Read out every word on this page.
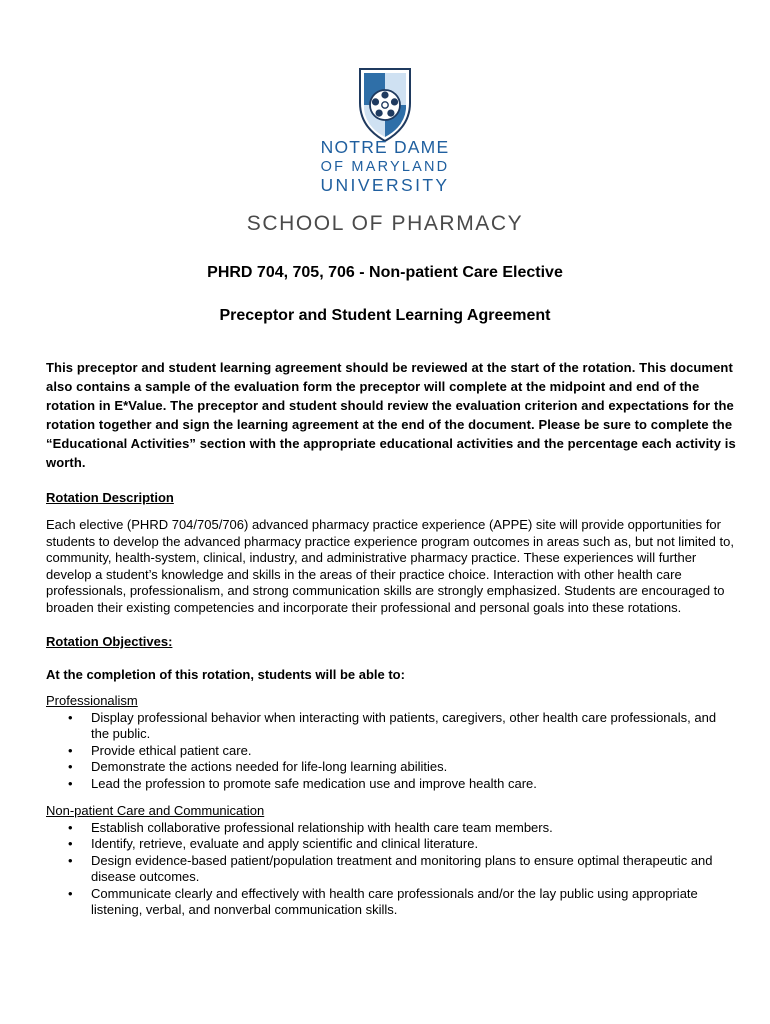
NOTRE DAME
OF MARYLAND
UNIVERSITY
SCHOOL OF PHARMACY
PHRD 704, 705, 706 - Non-patient Care Elective
Preceptor and Student Learning Agreement

This preceptor and student learning agreement should be reviewed at the start of the rotation. This document also contains a sample of the evaluation form the preceptor will complete at the midpoint and end of the rotation in E*Value. The preceptor and student should review the evaluation criterion and expectations for the rotation together and sign the learning agreement at the end of the document. Please be sure to complete the “Educational Activities” section with the appropriate educational activities and the percentage each activity is worth.

Rotation Description

Each elective (PHRD 704/705/706) advanced pharmacy practice experience (APPE) site will provide opportunities for students to develop the advanced pharmacy practice experience program outcomes in areas such as, but not limited to, community, health-system, clinical, industry, and administrative pharmacy practice. These experiences will further develop a student’s knowledge and skills in the areas of their practice choice. Interaction with other health care professionals, professionalism, and strong communication skills are strongly emphasized. Students are encouraged to broaden their existing competencies and incorporate their professional and personal goals into these rotations.

Rotation Objectives:

At the completion of this rotation, students will be able to:

Professionalism

• Display professional behavior when interacting with patients, caregivers, other health care professionals, and the public.
• Provide ethical patient care.
• Demonstrate the actions needed for life-long learning abilities.
• Lead the profession to promote safe medication use and improve health care.

Non-patient Care and Communication

• Establish collaborative professional relationship with health care team members.
• Identify, retrieve, evaluate and apply scientific and clinical literature.
• Design evidence-based patient/population treatment and monitoring plans to ensure optimal therapeutic and disease outcomes.
• Communicate clearly and effectively with health care professionals and/or the lay public using appropriate listening, verbal, and nonverbal communication skills.
